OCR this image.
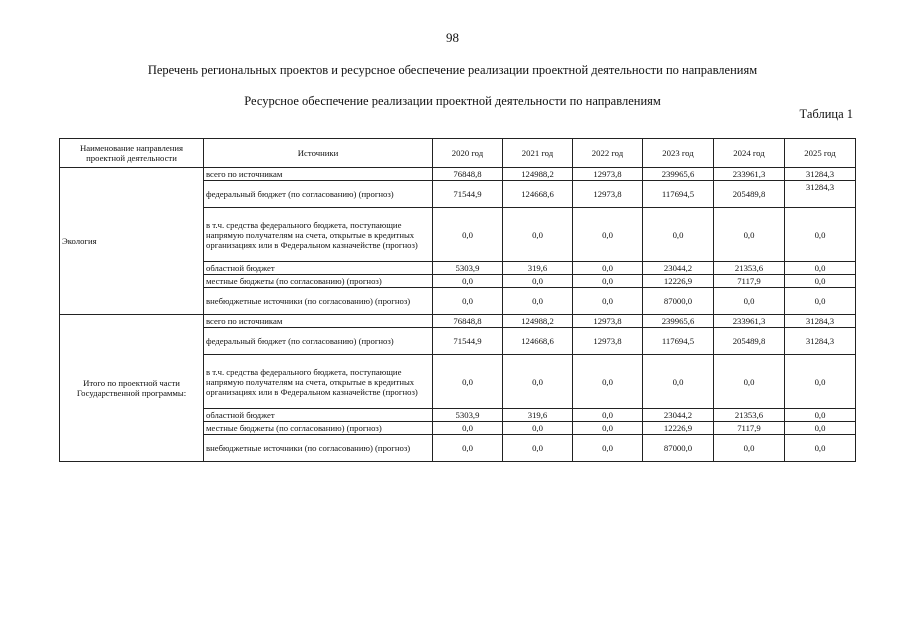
98
Перечень региональных проектов и ресурсное обеспечение реализации проектной деятельности по направлениям
Ресурсное обеспечение реализации проектной деятельности по направлениям
Таблица 1
Наименование направления проектной деятельности	Источники	2020 год	2021 год	2022 год	2023 год	2024 год	2025 год
Экология	всего по источникам	76848,8	124988,2	12973,8	239965,6	233961,3	31284,3
	федеральный бюджет (по согласованию) (прогноз)	71544,9	124668,6	12973,8	117694,5	205489,8	31284,3
	в т.ч. средства федерального бюджета, поступающие напрямую получателям на счета, открытые в кредитных организациях или в Федеральном казначействе (прогноз)	0,0	0,0	0,0	0,0	0,0	0,0
	областной бюджет	5303,9	319,6	0,0	23044,2	21353,6	0,0
	местные бюджеты (по согласованию) (прогноз)	0,0	0,0	0,0	12226,9	7117,9	0,0
	внебюджетные источники (по согласованию) (прогноз)	0,0	0,0	0,0	87000,0	0,0	0,0
Итого по проектной части Государственной программы:	всего по источникам	76848,8	124988,2	12973,8	239965,6	233961,3	31284,3
	федеральный бюджет (по согласованию) (прогноз)	71544,9	124668,6	12973,8	117694,5	205489,8	31284,3
	в т.ч. средства федерального бюджета, поступающие напрямую получателям на счета, открытые в кредитных организациях или в Федеральном казначействе (прогноз)	0,0	0,0	0,0	0,0	0,0	0,0
	областной бюджет	5303,9	319,6	0,0	23044,2	21353,6	0,0
	местные бюджеты (по согласованию) (прогноз)	0,0	0,0	0,0	12226,9	7117,9	0,0
	внебюджетные источники (по согласованию) (прогноз)	0,0	0,0	0,0	87000,0	0,0	0,0
